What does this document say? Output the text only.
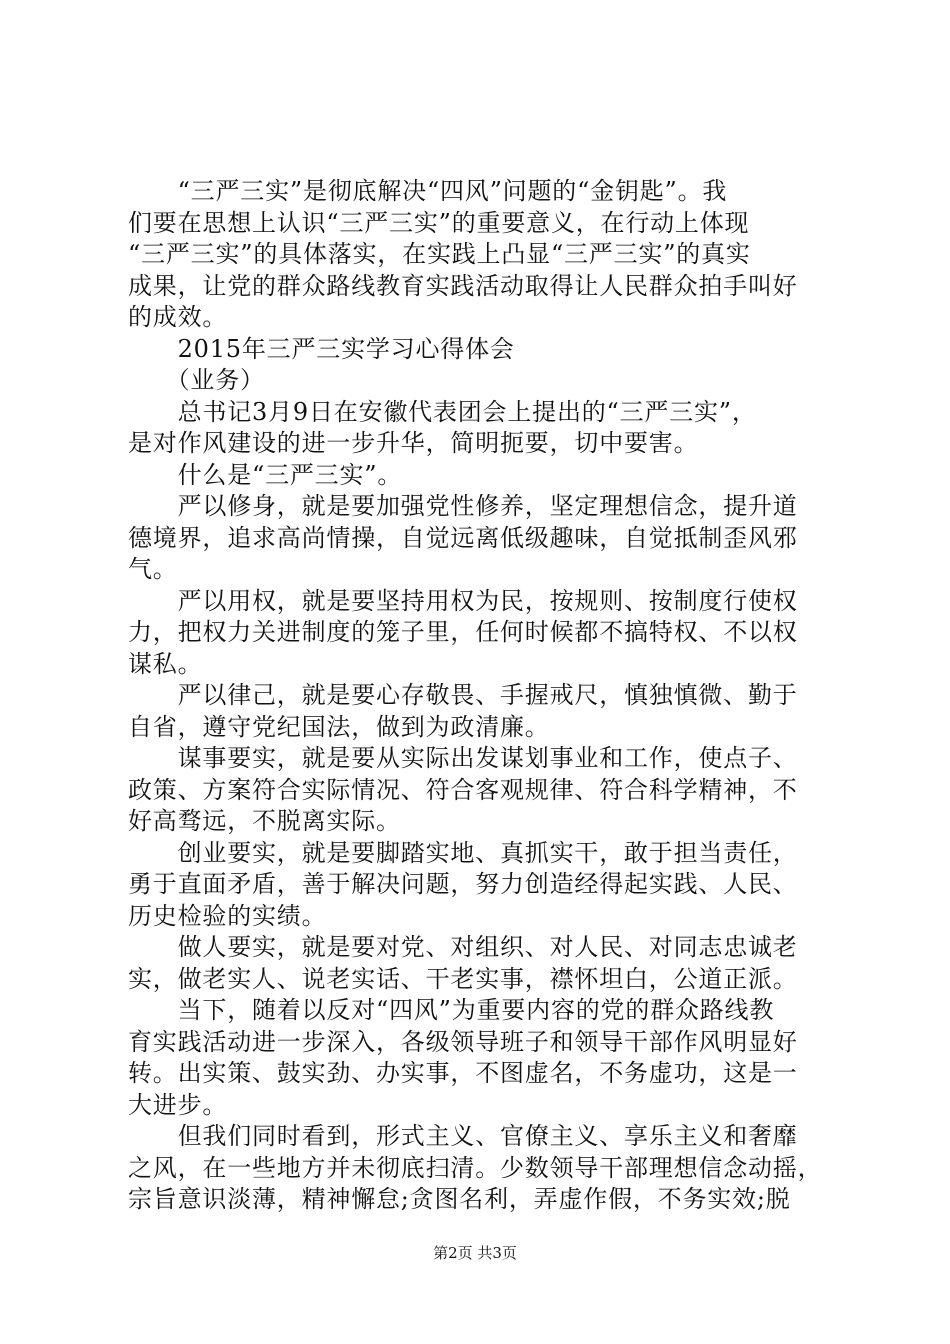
　　“三严三实”是彻底解决“四风”问题的“金钥匙”。我
们要在思想上认识“三严三实”的重要意义，在行动上体现
“三严三实”的具体落实，在实践上凸显“三严三实”的真实
成果，让党的群众路线教育实践活动取得让人民群众拍手叫好
的成效。
　　2015年三严三实学习心得体会
　　（业务）
　　总书记3月9日在安徽代表团会上提出的“三严三实”，
是对作风建设的进一步升华，简明扼要，切中要害。
　　什么是“三严三实”。
　　严以修身，就是要加强党性修养，坚定理想信念，提升道
德境界，追求高尚情操，自觉远离低级趣味，自觉抵制歪风邪
气。
　　严以用权，就是要坚持用权为民，按规则、按制度行使权
力，把权力关进制度的笼子里，任何时候都不搞特权、不以权
谋私。
　　严以律己，就是要心存敬畏、手握戒尺，慎独慎微、勤于
自省，遵守党纪国法，做到为政清廉。
　　谋事要实，就是要从实际出发谋划事业和工作，使点子、
政策、方案符合实际情况、符合客观规律、符合科学精神，不
好高骛远，不脱离实际。
　　创业要实，就是要脚踏实地、真抓实干，敢于担当责任，
勇于直面矛盾，善于解决问题，努力创造经得起实践、人民、
历史检验的实绩。
　　做人要实，就是要对党、对组织、对人民、对同志忠诚老
实，做老实人、说老实话、干老实事，襟怀坦白，公道正派。
　　当下，随着以反对“四风”为重要内容的党的群众路线教
育实践活动进一步深入，各级领导班子和领导干部作风明显好
转。出实策、鼓实劲、办实事，不图虚名，不务虚功，这是一
大进步。
　　但我们同时看到，形式主义、官僚主义、享乐主义和奢靡
之风，在一些地方并未彻底扫清。少数领导干部理想信念动摇，
宗旨意识淡薄，精神懈怠;贪图名利，弄虚作假，不务实效;脱
第2页 共3页
